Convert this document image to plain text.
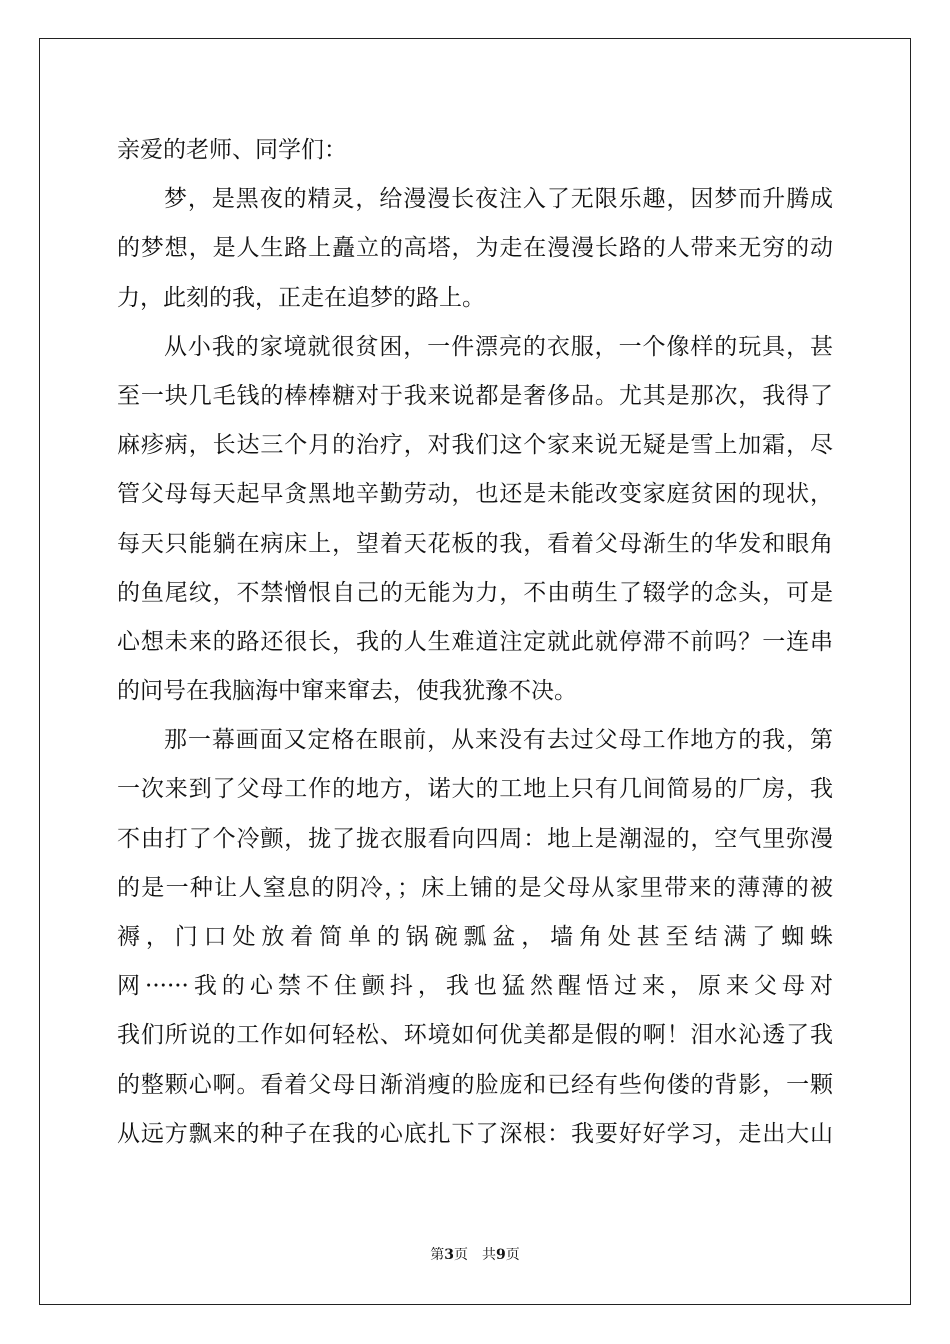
亲爱的老师、同学们：
梦，是黑夜的精灵，给漫漫长夜注入了无限乐趣，因梦而升腾成
的梦想，是人生路上矗立的高塔，为走在漫漫长路的人带来无穷的动
力，此刻的我，正走在追梦的路上。
从小我的家境就很贫困，一件漂亮的衣服，一个像样的玩具，甚
至一块几毛钱的棒棒糖对于我来说都是奢侈品。尤其是那次，我得了
麻疹病，长达三个月的治疗，对我们这个家来说无疑是雪上加霜，尽
管父母每天起早贪黑地辛勤劳动，也还是未能改变家庭贫困的现状，
每天只能躺在病床上，望着天花板的我，看着父母渐生的华发和眼角
的鱼尾纹，不禁憎恨自己的无能为力，不由萌生了辍学的念头，可是
心想未来的路还很长，我的人生难道注定就此就停滞不前吗？一连串
的问号在我脑海中窜来窜去，使我犹豫不决。
那一幕画面又定格在眼前，从来没有去过父母工作地方的我，第
一次来到了父母工作的地方，诺大的工地上只有几间简易的厂房，我
不由打了个冷颤，拢了拢衣服看向四周：地上是潮湿的，空气里弥漫
的是一种让人窒息的阴冷，；床上铺的是父母从家里带来的薄薄的被
褥，门口处放着简单的锅碗瓢盆，墙角处甚至结满了蜘蛛
网······我的心禁不住颤抖，我也猛然醒悟过来，原来父母对
我们所说的工作如何轻松、环境如何优美都是假的啊！泪水沁透了我
的整颗心啊。看着父母日渐消瘦的脸庞和已经有些佝偻的背影，一颗
从远方飘来的种子在我的心底扎下了深根：我要好好学习，走出大山
第3页 共9页
